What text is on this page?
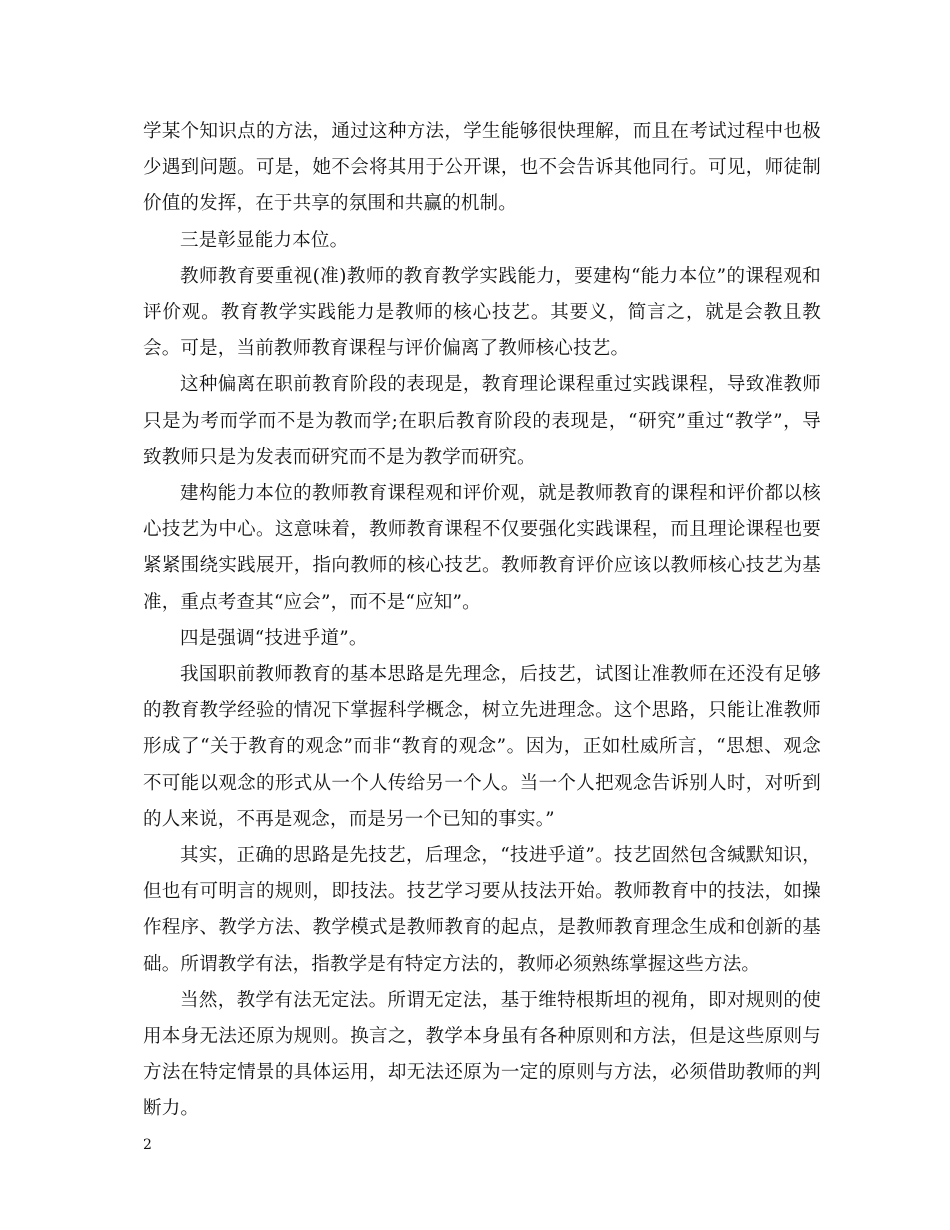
学某个知识点的方法，通过这种方法，学生能够很快理解，而且在考试过程中也极少遇到问题。可是，她不会将其用于公开课，也不会告诉其他同行。可见，师徒制价值的发挥，在于共享的氛围和共赢的机制。

三是彰显能力本位。

教师教育要重视(准)教师的教育教学实践能力，要建构“能力本位”的课程观和评价观。教育教学实践能力是教师的核心技艺。其要义，简言之，就是会教且教会。可是，当前教师教育课程与评价偏离了教师核心技艺。

这种偏离在职前教育阶段的表现是，教育理论课程重过实践课程，导致准教师只是为考而学而不是为教而学;在职后教育阶段的表现是，“研究”重过“教学”，导致教师只是为发表而研究而不是为教学而研究。

建构能力本位的教师教育课程观和评价观，就是教师教育的课程和评价都以核心技艺为中心。这意味着，教师教育课程不仅要强化实践课程，而且理论课程也要紧紧围绕实践展开，指向教师的核心技艺。教师教育评价应该以教师核心技艺为基准，重点考查其“应会”，而不是“应知”。

四是强调“技进乎道”。

我国职前教师教育的基本思路是先理念，后技艺，试图让准教师在还没有足够的教育教学经验的情况下掌握科学概念，树立先进理念。这个思路，只能让准教师形成了“关于教育的观念”而非“教育的观念”。因为，正如杜威所言，“思想、观念不可能以观念的形式从一个人传给另一个人。当一个人把观念告诉别人时，对听到的人来说，不再是观念，而是另一个已知的事实。”

其实，正确的思路是先技艺，后理念，“技进乎道”。技艺固然包含缄默知识，但也有可明言的规则，即技法。技艺学习要从技法开始。教师教育中的技法，如操作程序、教学方法、教学模式是教师教育的起点，是教师教育理念生成和创新的基础。所谓教学有法，指教学是有特定方法的，教师必须熟练掌握这些方法。

当然，教学有法无定法。所谓无定法，基于维特根斯坦的视角，即对规则的使用本身无法还原为规则。换言之，教学本身虽有各种原则和方法，但是这些原则与方法在特定情景的具体运用，却无法还原为一定的原则与方法，必须借助教师的判断力。

2
